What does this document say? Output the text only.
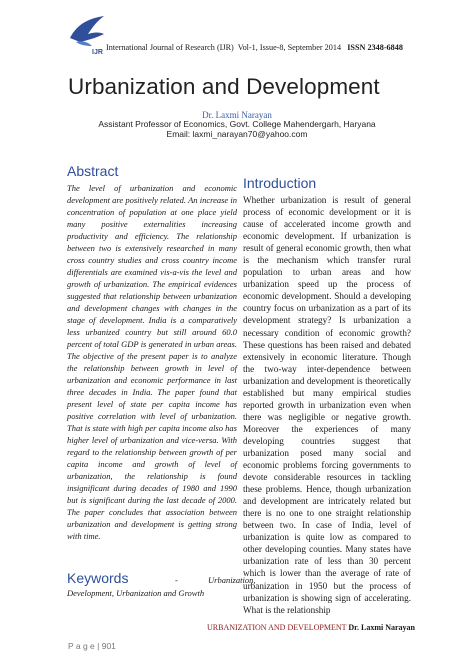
IJR
International Journal of Research (IJR) Vol-1, Issue-8, September 2014 ISSN 2348-6848
Urbanization and Development
Dr. Laxmi Narayan
Assistant Professor of Economics, Govt. College Mahendergarh, Haryana
Email: laxmi_narayan70@yahoo.com
Abstract

The level of urbanization and economic development are positively related. An increase in concentration of population at one place yield many positive externalities increasing productivity and efficiency. The relationship between two is extensively researched in many cross country studies and cross country income differentials are examined vis-a-vis the level and growth of urbanization. The empirical evidences suggested that relationship between urbanization and development changes with changes in the stage of development. India is a comparatively less urbanized country but still around 60.0 percent of total GDP is generated in urban areas. The objective of the present paper is to analyze the relationship between growth in level of urbanization and economic performance in last three decades in India. The paper found that present level of state per capita income has positive correlation with level of urbanization. That is state with high per capita income also has higher level of urbanization and vice-versa. With regard to the relationship between growth of per capita income and growth of level of urbanization, the relationship is found insignificant during decades of 1980 and 1990 but is significant during the last decade of 2000. The paper concludes that association between urbanization and development is getting strong with time.

Keywords	-	Urbanization,
Development, Urbanization and Growth
Introduction

Whether urbanization is result of general process of economic development or it is cause of accelerated income growth and economic development. If urbanization is result of general economic growth, then what is the mechanism which transfer rural population to urban areas and how urbanization speed up the process of economic development. Should a developing country focus on urbanization as a part of its development strategy? Is urbanization a necessary condition of economic growth? These questions has been raised and debated extensively in economic literature. Though the two-way inter-dependence between urbanization and development is theoretically established but many empirical studies reported growth in urbanization even when there was negligible or negative growth. Moreover the experiences of many developing countries suggest that urbanization posed many social and economic problems forcing governments to devote considerable resources in tackling these problems. Hence, though urbanization and development are intricately related but there is no one to one straight relationship between two. In case of India, level of urbanization is quite low as compared to other developing counties. Many states have urbanization rate of less than 30 percent which is lower than the average of rate of urbanization in 1950 but the process of urbanization is showing sign of accelerating. What is the relationship

URBANIZATION AND DEVELOPMENT Dr. Laxmi Narayan
P a g e | 901
